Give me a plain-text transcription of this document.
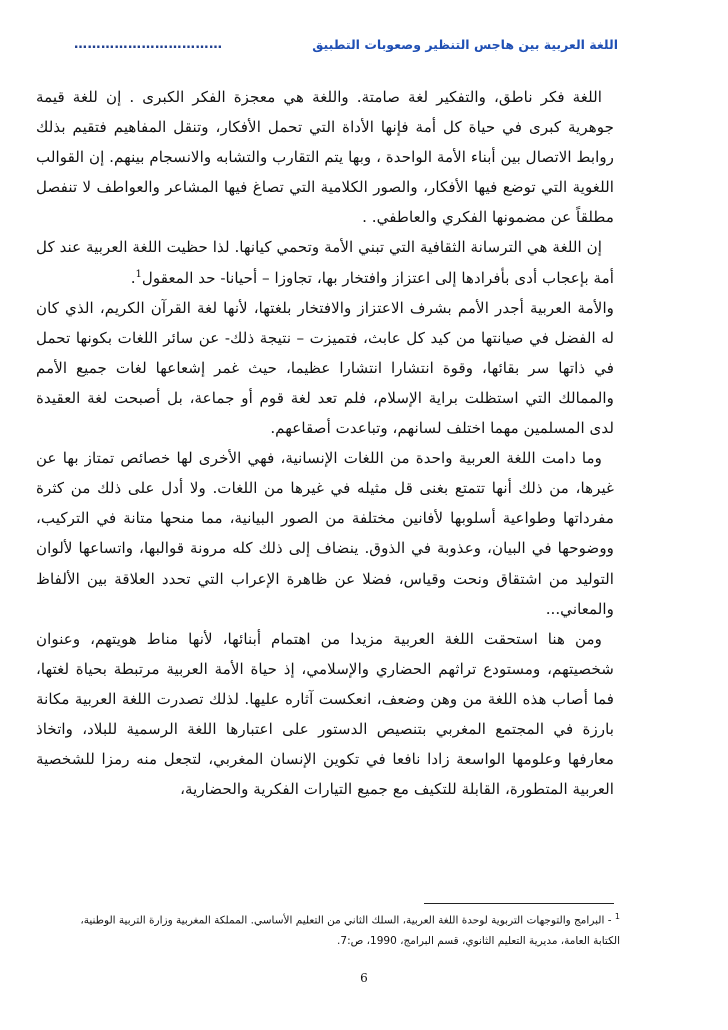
اللغة العربية بين هاجس التنظير وصعوبات التطبيق
……………………………

اللغة فكر ناطق، والتفكير لغة صامتة. واللغة هي معجزة الفكر الكبرى . إن للغة قيمة جوهرية كبرى في حياة كل أمة فإنها الأداة التي تحمل الأفكار، وتنقل المفاهيم فتقيم بذلك روابط الاتصال بين أبناء الأمة الواحدة ، وبها يتم التقارب والتشابه والانسجام بينهم. إن القوالب اللغوية التي توضع فيها الأفكار، والصور الكلامية التي تصاغ فيها المشاعر والعواطف لا تنفصل مطلقاً عن مضمونها الفكري والعاطفي. .

إن اللغة هي الترسانة الثقافية التي تبني الأمة وتحمي كيانها. لذا حظيت اللغة العربية عند كل أمة بإعجاب أدى بأفرادها إلى اعتزاز وافتخار بها، تجاوزا – أحيانا- حد المعقول$^1$.

والأمة العربية أجدر الأمم بشرف الاعتزاز والافتخار بلغتها، لأنها لغة القرآن الكريم، الذي كان له الفضل في صيانتها من كيد كل عابث، فتميزت – نتيجة ذلك- عن سائر اللغات بكونها تحمل في ذاتها سر بقائها، وقوة انتشارا انتشارا عظيما، حيث غمر إشعاعها لغات جميع الأمم والممالك التي استظلت براية الإسلام، فلم تعد لغة قوم أو جماعة، بل أصبحت لغة العقيدة لدى المسلمين مهما اختلف لسانهم، وتباعدت أصقاعهم.

وما دامت اللغة العربية واحدة من اللغات الإنسانية، فهي الأخرى لها خصائص تمتاز بها عن غيرها، من ذلك أنها تتمتع بغنى قل مثيله في غيرها من اللغات. ولا أدل على ذلك من كثرة مفرداتها وطواعية أسلوبها لأفانين مختلفة من الصور البيانية، مما منحها متانة في التركيب، ووضوحها في البيان، وعذوبة في الذوق. ينضاف إلى ذلك كله مرونة قوالبها، واتساعها لألوان التوليد من اشتقاق ونحت وقياس، فضلا عن ظاهرة الإعراب التي تحدد العلاقة بين الألفاظ والمعاني...

ومن هنا استحقت اللغة العربية مزيدا من اهتمام أبنائها، لأنها مناط هويتهم، وعنوان شخصيتهم، ومستودع تراثهم الحضاري والإسلامي، إذ حياة الأمة العربية مرتبطة بحياة لغتها، فما أصاب هذه اللغة من وهن وضعف، انعكست آثاره عليها. لذلك تصدرت اللغة العربية مكانة بارزة في المجتمع المغربي بتنصيص الدستور على اعتبارها اللغة الرسمية للبلاد، واتخاذ معارفها وعلومها الواسعة زادا نافعا في تكوين الإنسان المغربي، لتجعل منه رمزا للشخصية العربية المتطورة، القابلة للتكيف مع جميع التيارات الفكرية والحضارية،

$^1$ - البرامج والتوجهات التربوية لوحدة اللغة العربية، السلك الثاني من التعليم الأساسي. المملكة المغربية وزارة التربية الوطنية، الكتابة العامة، مديرية التعليم الثانوي، قسم البرامج، 1990، ص:7.
6
